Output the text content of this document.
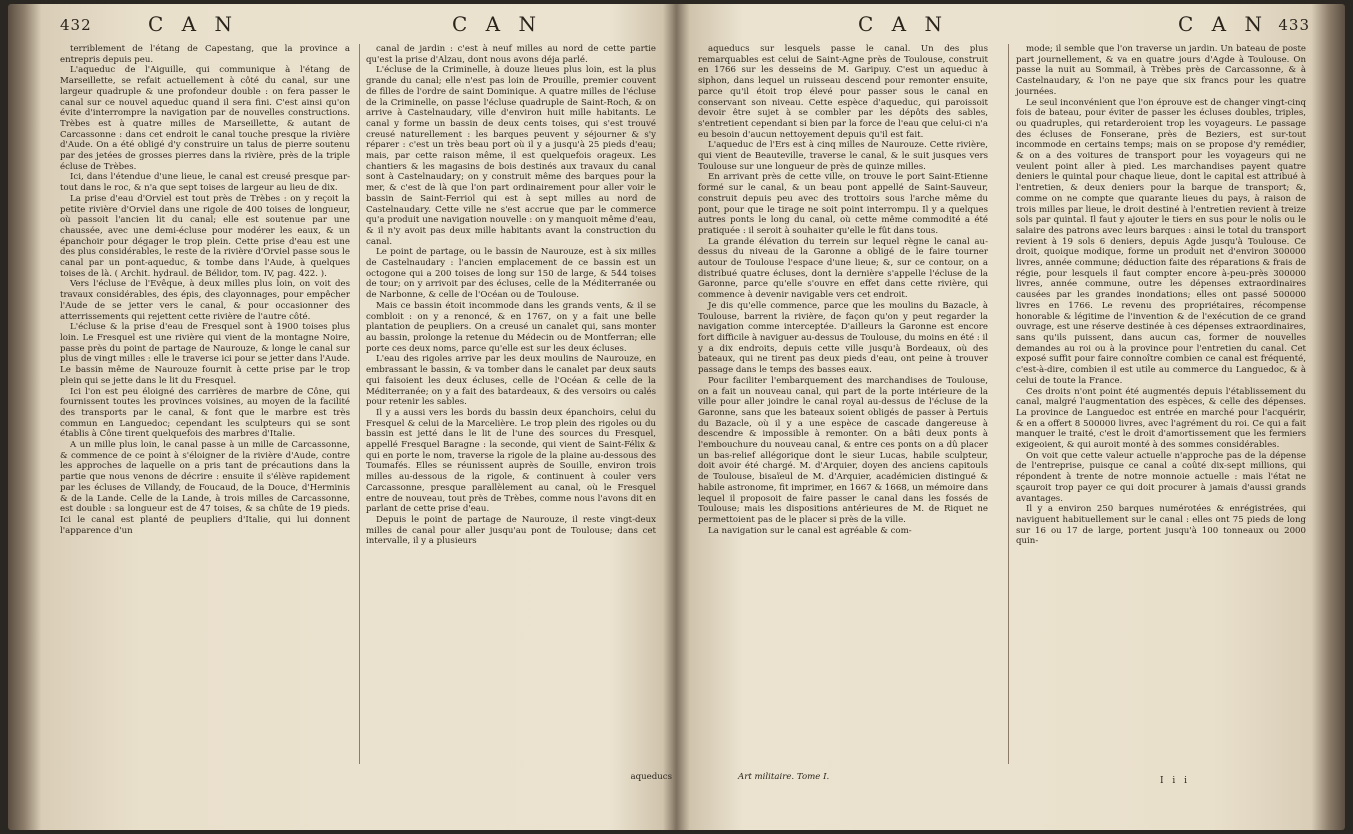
432	C A N	C A N

terriblement de l'étang de Capestang, que la province a entrepris depuis peu.

L'aqueduc de l'Aiguille, qui communique à l'étang de Marseillette, se refait actuellement à côté du canal, sur une largeur quadruple & une profondeur double : on fera passer le canal sur ce nouvel aqueduc quand il sera fini. C'est ainsi qu'on évite d'interrompre la navigation par de nouvelles constructions. Trèbes est à quatre milles de Marseillette, & autant de Carcassonne : dans cet endroit le canal touche presque la rivière d'Aude. On a été obligé d'y construire un talus de pierre soutenu par des jetées de grosses pierres dans la rivière, près de la triple écluse de Trèbes.

Ici, dans l'étendue d'une lieue, le canal est creusé presque par-tout dans le roc, & n'a que sept toises de largeur au lieu de dix.

La prise d'eau d'Orviel est tout près de Trèbes : on y reçoit la petite rivière d'Orviel dans une rigole de 400 toises de longueur, où passoit l'ancien lit du canal; elle est soutenue par une chaussée, avec une demi-écluse pour modérer les eaux, & un épanchoir pour dégager le trop plein. Cette prise d'eau est une des plus considérables, le reste de la rivière d'Orviel passe sous le canal par un pont-aqueduc, & tombe dans l'Aude, à quelques toises de là. ( Archit. hydraul. de Bélidor, tom. IV, pag. 422. ).

Vers l'écluse de l'Evêque, à deux milles plus loin, on voit des travaux considérables, des épis, des clayonnages, pour empêcher l'Aude de se jetter vers le canal, & pour occasionner des atterrissements qui rejettent cette rivière de l'autre côté.

L'écluse & la prise d'eau de Fresquel sont à 1900 toises plus loin. Le Fresquel est une rivière qui vient de la montagne Noire, passe près du point de partage de Naurouze, & longe le canal sur plus de vingt milles : elle le traverse ici pour se jetter dans l'Aude. Le bassin même de Naurouze fournit à cette prise par le trop plein qui se jette dans le lit du Fresquel.

Ici l'on est peu éloigné des carrières de marbre de Cône, qui fournissent toutes les provinces voisines, au moyen de la facilité des transports par le canal, & font que le marbre est très commun en Languedoc; cependant les sculpteurs qui se sont établis à Cône tirent quelquefois des marbres d'Italie.

A un mille plus loin, le canal passe à un mille de Carcassonne, & commence de ce point à s'éloigner de la rivière d'Aude, contre les approches de laquelle on a pris tant de précautions dans la partie que nous venons de décrire : ensuite il s'élève rapidement par les écluses de Villandy, de Foucaud, de la Douce, d'Herminis & de la Lande. Celle de la Lande, à trois milles de Carcassonne, est double : sa longueur est de 47 toises, & sa chûte de 19 pieds. Ici le canal est planté de peupliers d'Italie, qui lui donnent l'apparence d'un

canal de jardin : c'est à neuf milles au nord de cette partie qu'est la prise d'Alzau, dont nous avons déja parlé.

L'écluse de la Criminelle, à douze lieues plus loin, est la plus grande du canal; elle n'est pas loin de Prouille, premier couvent de filles de l'ordre de saint Dominique. A quatre milles de l'écluse de la Criminelle, on passe l'écluse quadruple de Saint-Roch, & on arrive à Castelnaudary, ville d'environ huit mille habitants. Le canal y forme un bassin de deux cents toises, qui s'est trouvé creusé naturellement : les barques peuvent y séjourner & s'y réparer : c'est un très beau port où il y a jusqu'à 25 pieds d'eau; mais, par cette raison même, il est quelquefois orageux. Les chantiers & les magasins de bois destinés aux travaux du canal sont à Castelnaudary; on y construit même des barques pour la mer, & c'est de là que l'on part ordinairement pour aller voir le bassin de Saint-Ferriol qui est à sept milles au nord de Castelnaudary. Cette ville ne s'est accrue que par le commerce qu'a produit une navigation nouvelle : on y manquoit même d'eau, & il n'y avoit pas deux mille habitants avant la construction du canal.

Le point de partage, ou le bassin de Naurouze, est à six milles de Castelnaudary : l'ancien emplacement de ce bassin est un octogone qui a 200 toises de long sur 150 de large, & 544 toises de tour; on y arrivoit par des écluses, celle de la Méditerranée ou de Narbonne, & celle de l'Océan ou de Toulouse.

Mais ce bassin étoit incommode dans les grands vents, & il se combloit : on y a renoncé, & en 1767, on y a fait une belle plantation de peupliers. On a creusé un canalet qui, sans monter au bassin, prolonge la retenue du Médecin ou de Montferran; elle porte ces deux noms, parce qu'elle est sur les deux écluses.

L'eau des rigoles arrive par les deux moulins de Naurouze, en embrassant le bassin, & va tomber dans le canalet par deux sauts qui faisoient les deux écluses, celle de l'Océan & celle de la Méditerranée; on y a fait des batardeaux, & des versoirs ou calés pour retenir les sables.

Il y a aussi vers les bords du bassin deux épanchoirs, celui du Fresquel & celui de la Marcelière. Le trop plein des rigoles ou du bassin est jetté dans le lit de l'une des sources du Fresquel, appellé Fresquel Baragne : la seconde, qui vient de Saint-Félix & qui en porte le nom, traverse la rigole de la plaine au-dessous des Toumafés. Elles se réunissent auprès de Souille, environ trois milles au-dessous de la rigole, & continuent à couler vers Carcassonne, presque parallèlement au canal, où le Fresquel entre de nouveau, tout près de Trèbes, comme nous l'avons dit en parlant de cette prise d'eau.

Depuis le point de partage de Naurouze, il reste vingt-deux milles de canal pour aller jusqu'au pont de Toulouse; dans cet intervalle, il y a plusieurs

aqueducs
C A N	C A N 433

aqueducs sur lesquels passe le canal. Un des plus remarquables est celui de Saint-Agne près de Toulouse, construit en 1766 sur les desseins de M. Garipuy. C'est un aqueduc à siphon, dans lequel un ruisseau descend pour remonter ensuite, parce qu'il étoit trop élevé pour passer sous le canal en conservant son niveau. Cette espèce d'aqueduc, qui paroissoit devoir être sujet à se combler par les dépôts des sables, s'entretient cependant si bien par la force de l'eau que celui-ci n'a eu besoin d'aucun nettoyement depuis qu'il est fait.

L'aqueduc de l'Ers est à cinq milles de Naurouze. Cette rivière, qui vient de Beauteville, traverse le canal, & le suit jusques vers Toulouse sur une longueur de près de quinze milles.

En arrivant près de cette ville, on trouve le port Saint-Etienne formé sur le canal, & un beau pont appellé de Saint-Sauveur, construit depuis peu avec des trottoirs sous l'arche même du pont, pour que le tirage ne soit point interrompu. Il y a quelques autres ponts le long du canal, où cette même commodité a été pratiquée : il seroit à souhaiter qu'elle le fût dans tous.

La grande élévation du terrein sur lequel règne le canal au-dessus du niveau de la Garonne a obligé de le faire tourner autour de Toulouse l'espace d'une lieue; &, sur ce contour, on a distribué quatre écluses, dont la dernière s'appelle l'écluse de la Garonne, parce qu'elle s'ouvre en effet dans cette rivière, qui commence à devenir navigable vers cet endroit.

Je dis qu'elle commence, parce que les moulins du Bazacle, à Toulouse, barrent la rivière, de façon qu'on y peut regarder la navigation comme interceptée. D'ailleurs la Garonne est encore fort difficile à naviguer au-dessus de Toulouse, du moins en été : il y a dix endroits, depuis cette ville jusqu'à Bordeaux, où des bateaux, qui ne tirent pas deux pieds d'eau, ont peine à trouver passage dans le temps des basses eaux.

Pour faciliter l'embarquement des marchandises de Toulouse, on a fait un nouveau canal, qui part de la porte intérieure de la ville pour aller joindre le canal royal au-dessus de l'écluse de la Garonne, sans que les bateaux soient obligés de passer à Pertuis du Bazacle, où il y a une espèce de cascade dangereuse à descendre & impossible à remonter. On a bâti deux ponts à l'embouchure du nouveau canal, & entre ces ponts on a dû placer un bas-relief allégorique dont le sieur Lucas, habile sculpteur, doit avoir été chargé. M. d'Arquier, doyen des anciens capitouls de Toulouse, bisaïeul de M. d'Arquier, académicien distingué & habile astronome, fit imprimer, en 1667 & 1668, un mémoire dans lequel il proposoit de faire passer le canal dans les fossés de Toulouse; mais les dispositions antérieures de M. de Riquet ne permettoient pas de le placer si près de la ville.

La navigation sur le canal est agréable & com-

mode; il semble que l'on traverse un jardin. Un bateau de poste part journellement, & va en quatre jours d'Agde à Toulouse. On passe la nuit au Sommail, à Trèbes près de Carcassonne, & à Castelnaudary, & l'on ne paye que six francs pour les quatre journées.

Le seul inconvénient que l'on éprouve est de changer vingt-cinq fois de bateau, pour éviter de passer les écluses doubles, triples, ou quadruples, qui retarderoient trop les voyageurs. Le passage des écluses de Fonserane, près de Beziers, est sur-tout incommode en certains temps; mais on se propose d'y remédier, & on a des voitures de transport pour les voyageurs qui ne veulent point aller à pied. Les marchandises payent quatre deniers le quintal pour chaque lieue, dont le capital est attribué à l'entretien, & deux deniers pour la barque de transport; &, comme on ne compte que quarante lieues du pays, à raison de trois milles par lieue, le droit destiné à l'entretien revient à treize sols par quintal. Il faut y ajouter le tiers en sus pour le nolis ou le salaire des patrons avec leurs barques : ainsi le total du transport revient à 19 sols 6 deniers, depuis Agde jusqu'à Toulouse. Ce droit, quoique modique, forme un produit net d'environ 300000 livres, année commune; déduction faite des réparations & frais de régie, pour lesquels il faut compter encore à-peu-près 300000 livres, année commune, outre les dépenses extraordinaires causées par les grandes inondations; elles ont passé 500000 livres en 1766. Le revenu des propriétaires, récompense honorable & légitime de l'invention & de l'exécution de ce grand ouvrage, est une réserve destinée à ces dépenses extraordinaires, sans qu'ils puissent, dans aucun cas, former de nouvelles demandes au roi ou à la province pour l'entretien du canal. Cet exposé suffit pour faire connoître combien ce canal est fréquenté, c'est-à-dire, combien il est utile au commerce du Languedoc, & à celui de toute la France.

Ces droits n'ont point été augmentés depuis l'établissement du canal, malgré l'augmentation des espèces, & celle des dépenses. La province de Languedoc est entrée en marché pour l'acquérir, & en a offert 8 500000 livres, avec l'agrément du roi. Ce qui a fait manquer le traité, c'est le droit d'amortissement que les fermiers exigeoient, & qui auroit monté à des sommes considérables.

On voit que cette valeur actuelle n'approche pas de la dépense de l'entreprise, puisque ce canal a coûté dix-sept millions, qui répondent à trente de notre monnoie actuelle : mais l'état ne sçauroit trop payer ce qui doit procurer à jamais d'aussi grands avantages.

Il y a environ 250 barques numérotées & enrégistrées, qui naviguent habituellement sur le canal : elles ont 75 pieds de long sur 16 ou 17 de large, portent jusqu'à 100 tonneaux ou 2000 quin-

Art militaire. Tome I.	I i i
